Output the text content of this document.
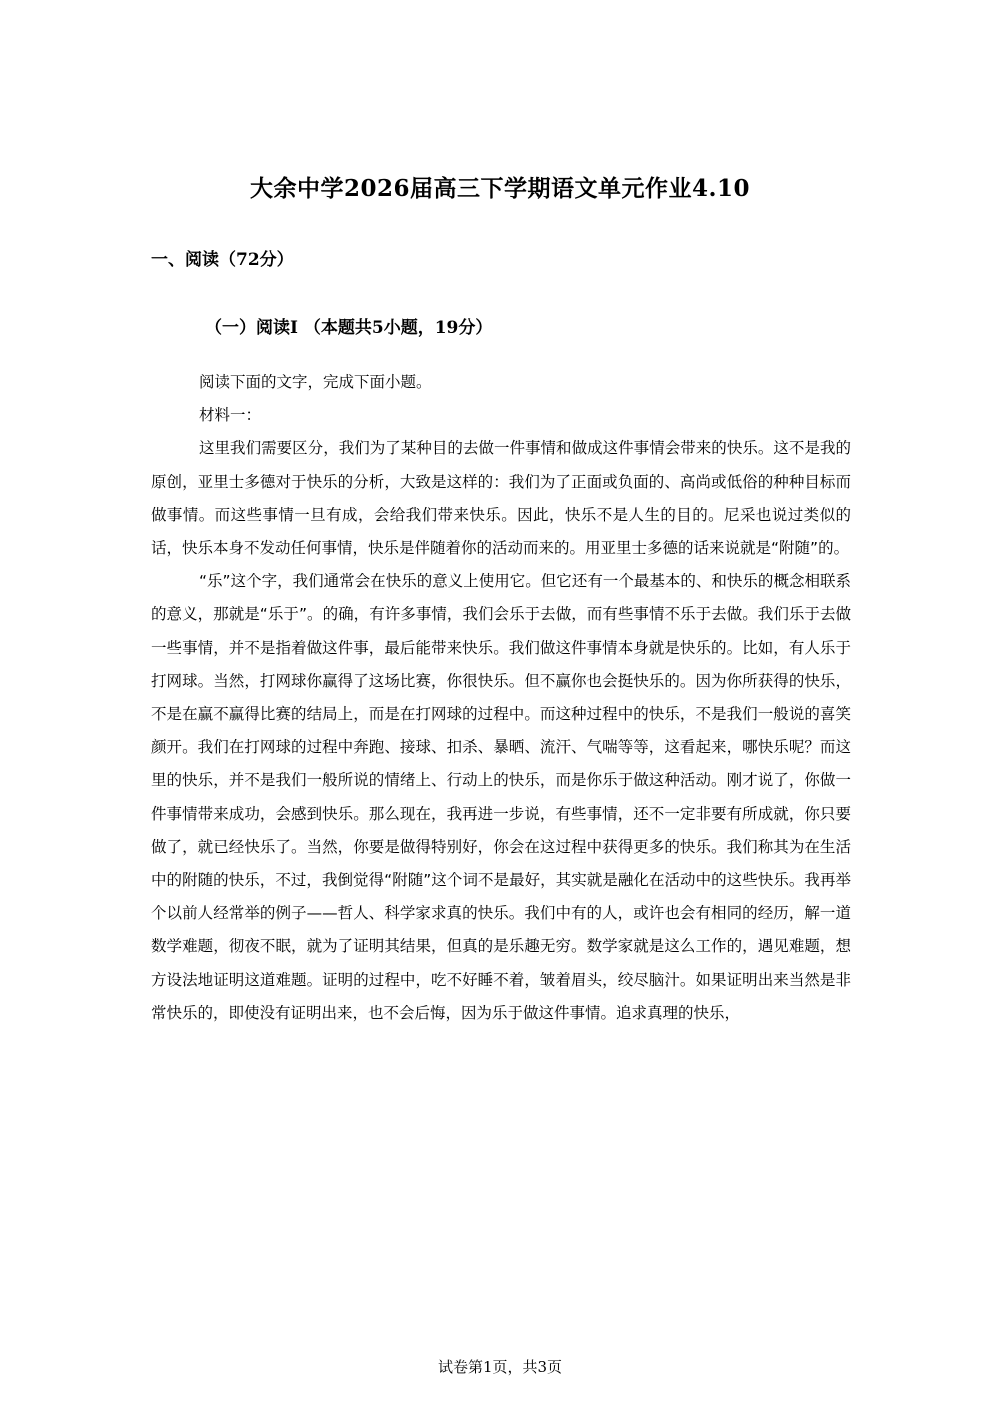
大余中学2026届高三下学期语文单元作业4.10
一、阅读（72分）
（一）阅读Ⅰ （本题共5小题，19分）

阅读下面的文字，完成下面小题。

材料一：

这里我们需要区分，我们为了某种目的去做一件事情和做成这件事情会带来的快乐。这不是我的原创，亚里士多德对于快乐的分析，大致是这样的：我们为了正面或负面的、高尚或低俗的种种目标而做事情。而这些事情一旦有成，会给我们带来快乐。因此，快乐不是人生的目的。尼采也说过类似的话，快乐本身不发动任何事情，快乐是伴随着你的活动而来的。用亚里士多德的话来说就是“附随”的。

“乐”这个字，我们通常会在快乐的意义上使用它。但它还有一个最基本的、和快乐的概念相联系的意义，那就是“乐于”。的确，有许多事情，我们会乐于去做，而有些事情不乐于去做。我们乐于去做一些事情，并不是指着做这件事，最后能带来快乐。我们做这件事情本身就是快乐的。比如，有人乐于打网球。当然，打网球你赢得了这场比赛，你很快乐。但不赢你也会挺快乐的。因为你所获得的快乐，不是在赢不赢得比赛的结局上，而是在打网球的过程中。而这种过程中的快乐，不是我们一般说的喜笑颜开。我们在打网球的过程中奔跑、接球、扣杀、暴晒、流汗、气喘等等，这看起来，哪快乐呢？而这里的快乐，并不是我们一般所说的情绪上、行动上的快乐，而是你乐于做这种活动。刚才说了，你做一件事情带来成功，会感到快乐。那么现在，我再进一步说，有些事情，还不一定非要有所成就，你只要做了，就已经快乐了。当然，你要是做得特别好，你会在这过程中获得更多的快乐。我们称其为在生活中的附随的快乐，不过，我倒觉得“附随”这个词不是最好，其实就是融化在活动中的这些快乐。我再举个以前人经常举的例子——哲人、科学家求真的快乐。我们中有的人，或许也会有相同的经历，解一道数学难题，彻夜不眠，就为了证明其结果，但真的是乐趣无穷。数学家就是这么工作的，遇见难题，想方设法地证明这道难题。证明的过程中，吃不好睡不着，皱着眉头，绞尽脑汁。如果证明出来当然是非常快乐的，即使没有证明出来，也不会后悔，因为乐于做这件事情。追求真理的快乐，

试卷第1页，共3页
